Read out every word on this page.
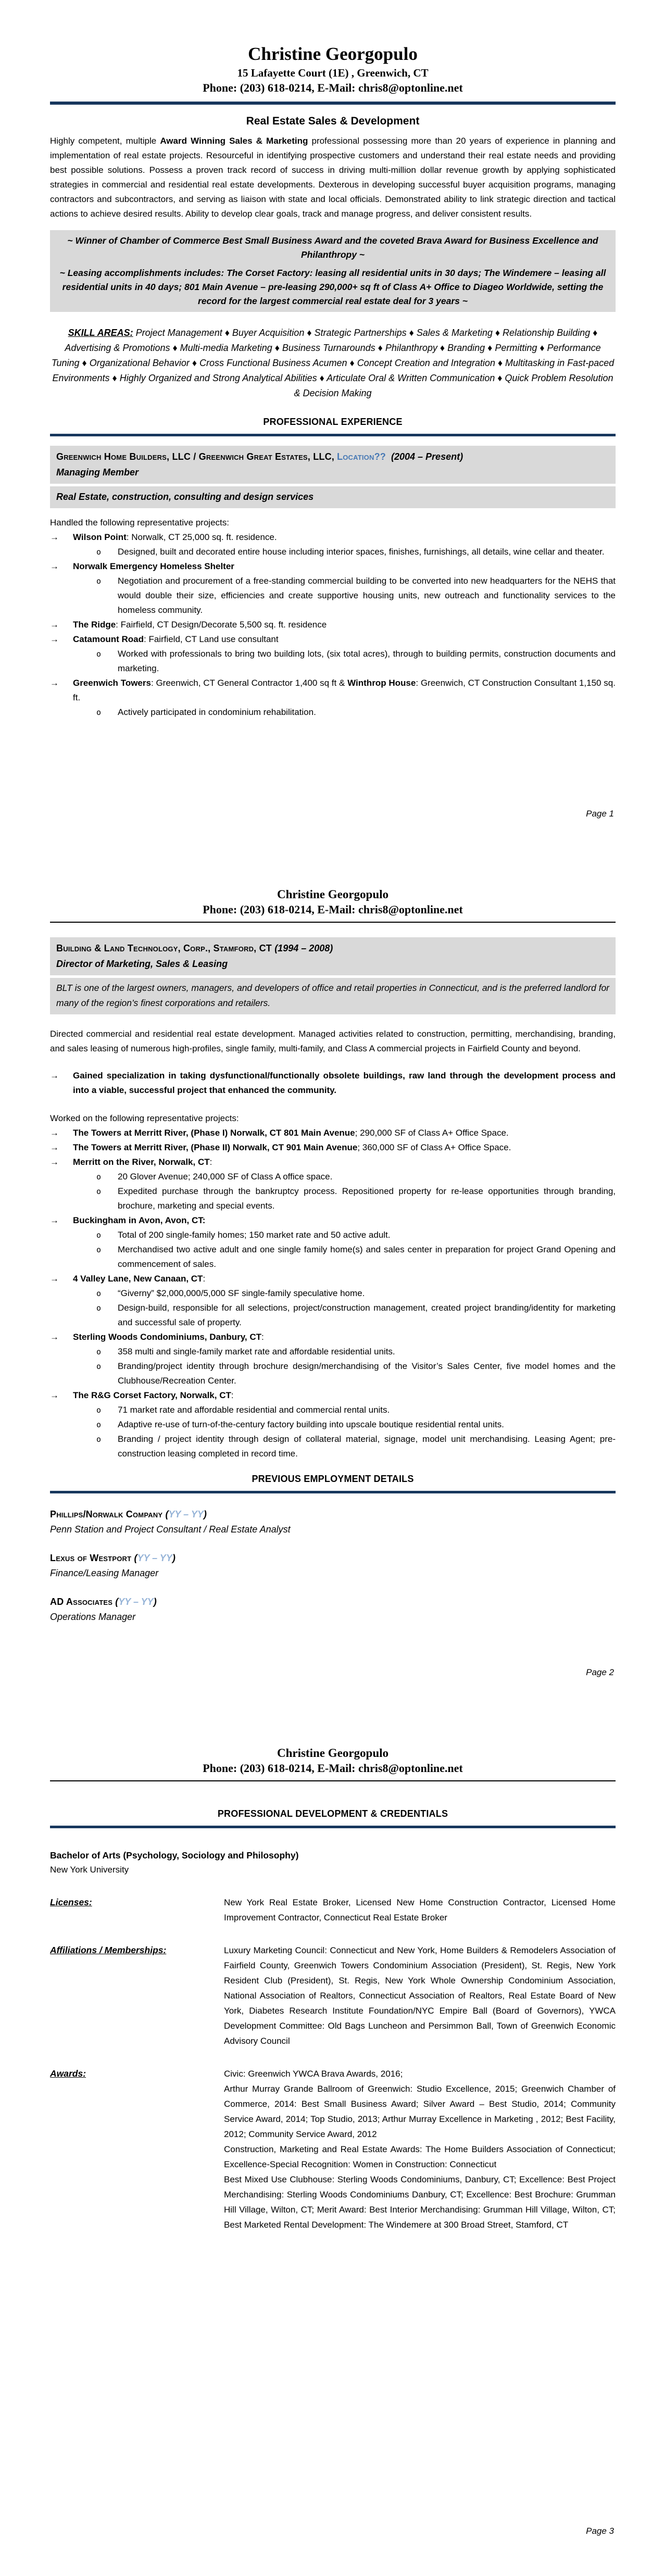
Christine Georgopulo
15 Lafayette Court (1E) , Greenwich, CT
Phone: (203) 618-0214, E-Mail: chris8@optonline.net
Real Estate Sales & Development

Highly competent, multiple Award Winning Sales & Marketing professional possessing more than 20 years of experience in planning and implementation of real estate projects. Resourceful in identifying prospective customers and understand their real estate needs and providing best possible solutions. Possess a proven track record of success in driving multi-million dollar revenue growth by applying sophisticated strategies in commercial and residential real estate developments. Dexterous in developing successful buyer acquisition programs, managing contractors and subcontractors, and serving as liaison with state and local officials. Demonstrated ability to link strategic direction and tactical actions to achieve desired results. Ability to develop clear goals, track and manage progress, and deliver consistent results.

~ Winner of Chamber of Commerce Best Small Business Award and the coveted Brava Award for Business Excellence and Philanthropy ~
~ Leasing accomplishments includes: The Corset Factory: leasing all residential units in 30 days; The Windemere – leasing all residential units in 40 days; 801 Main Avenue – pre-leasing 290,000+ sq ft of Class A+ Office to Diageo Worldwide, setting the record for the largest commercial real estate deal for 3 years ~
SKILL AREAS: Project Management ♦ Buyer Acquisition ♦ Strategic Partnerships ♦ Sales & Marketing ♦ Relationship Building ♦ Advertising & Promotions ♦ Multi-media Marketing ♦ Business Turnarounds ♦ Philanthropy ♦ Branding ♦ Permitting ♦ Performance Tuning ♦ Organizational Behavior ♦ Cross Functional Business Acumen ♦ Concept Creation and Integration ♦ Multitasking in Fast-paced Environments ♦ Highly Organized and Strong Analytical Abilities ♦ Articulate Oral & Written Communication ♦ Quick Problem Resolution & Decision Making
PROFESSIONAL EXPERIENCE
Greenwich Home Builders, LLC / Greenwich Great Estates, LLC, Location?? (2004 – Present)
Managing Member
Real Estate, construction, consulting and design services
Handled the following representative projects:
→	Wilson Point: Norwalk, CT 25,000 sq. ft. residence.
o	Designed, built and decorated entire house including interior spaces, finishes, furnishings, all details, wine cellar and theater.
→	Norwalk Emergency Homeless Shelter
o	Negotiation and procurement of a free-standing commercial building to be converted into new headquarters for the NEHS that would double their size, efficiencies and create supportive housing units, new outreach and functionality services to the homeless community.
→	The Ridge: Fairfield, CT Design/Decorate 5,500 sq. ft. residence
→	Catamount Road: Fairfield, CT Land use consultant
o	Worked with professionals to bring two building lots, (six total acres), through to building permits, construction documents and marketing.
→	Greenwich Towers: Greenwich, CT General Contractor 1,400 sq ft & Winthrop House: Greenwich, CT Construction Consultant 1,150 sq. ft.
o	Actively participated in condominium rehabilitation.
Page 1
Christine Georgopulo
Phone: (203) 618-0214, E-Mail: chris8@optonline.net
Building & Land Technology, Corp., Stamford, CT (1994 – 2008)
Director of Marketing, Sales & Leasing
BLT is one of the largest owners, managers, and developers of office and retail properties in Connecticut, and is the preferred landlord for many of the region’s finest corporations and retailers.

Directed commercial and residential real estate development. Managed activities related to construction, permitting, merchandising, branding, and sales leasing of numerous high-profiles, single family, multi-family, and Class A commercial projects in Fairfield County and beyond.

→	Gained specialization in taking dysfunctional/functionally obsolete buildings, raw land through the development process and into a viable, successful project that enhanced the community.
Worked on the following representative projects:
→	The Towers at Merritt River, (Phase I) Norwalk, CT 801 Main Avenue; 290,000 SF of Class A+ Office Space.
→	The Towers at Merritt River, (Phase II) Norwalk, CT 901 Main Avenue; 360,000 SF of Class A+ Office Space.
→	Merritt on the River, Norwalk, CT:
o	20 Glover Avenue; 240,000 SF of Class A office space.
o	Expedited purchase through the bankruptcy process. Repositioned property for re-lease opportunities through branding, brochure, marketing and special events.
→	Buckingham in Avon, Avon, CT:
o	Total of 200 single-family homes; 150 market rate and 50 active adult.
o	Merchandised two active adult and one single family home(s) and sales center in preparation for project Grand Opening and commencement of sales.
→	4 Valley Lane, New Canaan, CT:
o	“Giverny” $2,000,000/5,000 SF single-family speculative home.
o	Design-build, responsible for all selections, project/construction management, created project branding/identity for marketing and successful sale of property.
→	Sterling Woods Condominiums, Danbury, CT:
o	358 multi and single-family market rate and affordable residential units.
o	Branding/project identity through brochure design/merchandising of the Visitor’s Sales Center, five model homes and the Clubhouse/Recreation Center.
→	The R&G Corset Factory, Norwalk, CT:
o	71 market rate and affordable residential and commercial rental units.
o	Adaptive re-use of turn-of-the-century factory building into upscale boutique residential rental units.
o	Branding / project identity through design of collateral material, signage, model unit merchandising. Leasing Agent; pre-construction leasing completed in record time.
PREVIOUS EMPLOYMENT DETAILS
Phillips/Norwalk Company (YY – YY)
Penn Station and Project Consultant / Real Estate Analyst
Lexus of Westport (YY – YY)
Finance/Leasing Manager
AD Associates (YY – YY)
Operations Manager
Page 2
Christine Georgopulo
Phone: (203) 618-0214, E-Mail: chris8@optonline.net
PROFESSIONAL DEVELOPMENT & CREDENTIALS
Bachelor of Arts (Psychology, Sociology and Philosophy)
New York University
Licenses:	New York Real Estate Broker, Licensed New Home Construction Contractor, Licensed Home Improvement Contractor, Connecticut Real Estate Broker
Affiliations / Memberships:	Luxury Marketing Council: Connecticut and New York, Home Builders & Remodelers Association of Fairfield County, Greenwich Towers Condominium Association (President), St. Regis, New York Resident Club (President), St. Regis, New York Whole Ownership Condominium Association, National Association of Realtors, Connecticut Association of Realtors, Real Estate Board of New York, Diabetes Research Institute Foundation/NYC Empire Ball (Board of Governors), YWCA Development Committee: Old Bags Luncheon and Persimmon Ball, Town of Greenwich Economic Advisory Council
Awards:	Civic: Greenwich YWCA Brava Awards, 2016;
Arthur Murray Grande Ballroom of Greenwich: Studio Excellence, 2015; Greenwich Chamber of Commerce, 2014: Best Small Business Award; Silver Award – Best Studio, 2014; Community Service Award, 2014; Top Studio, 2013; Arthur Murray Excellence in Marketing , 2012; Best Facility, 2012; Community Service Award, 2012
Construction, Marketing and Real Estate Awards: The Home Builders Association of Connecticut; Excellence-Special Recognition: Women in Construction: Connecticut
Best Mixed Use Clubhouse: Sterling Woods Condominiums, Danbury, CT; Excellence: Best Project Merchandising: Sterling Woods Condominiums Danbury, CT; Excellence: Best Brochure: Grumman Hill Village, Wilton, CT; Merit Award: Best Interior Merchandising: Grumman Hill Village, Wilton, CT; Best Marketed Rental Development: The Windemere at 300 Broad Street, Stamford, CT
Page 3
